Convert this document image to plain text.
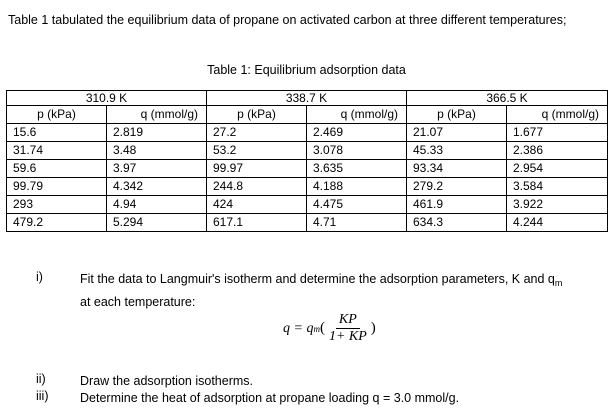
Table 1 tabulated the equilibrium data of propane on activated carbon at three different temperatures;
Table 1: Equilibrium adsorption data
310.9 K		338.7 K		366.5 K	
p (kPa)	q (mmol/g)	p (kPa)	q (mmol/g)	p (kPa)	q (mmol/g)
15.6	2.819	27.2	2.469	21.07	1.677
31.74	3.48	53.2	3.078	45.33	2.386
59.6	3.97	99.97	3.635	93.34	2.954
99.79	4.342	244.8	4.188	279.2	3.584
293	4.94	424	4.475	461.9	3.922
479.2	5.294	617.1	4.71	634.3	4.244
i)	Fit the data to Langmuir's isotherm and determine the adsorption parameters, K and $q_m$
at each temperature:
q = q m ( $\frac{KP}{1+ KP}$ )
ii)	Draw the adsorption isotherms.
iii)	Determine the heat of adsorption at propane loading q = 3.0 mmol/g.
